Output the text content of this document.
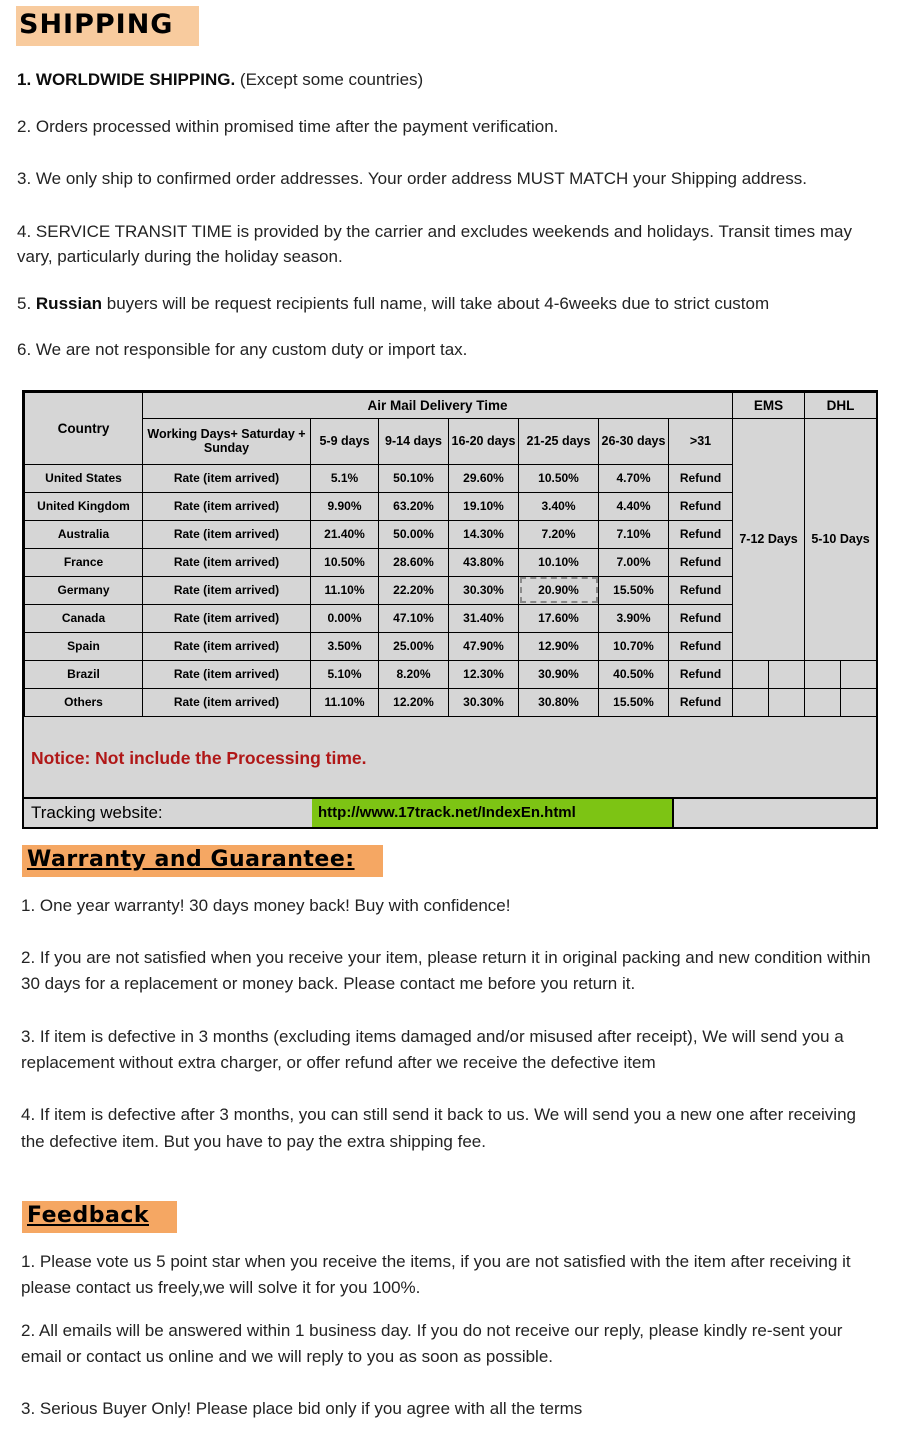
SHIPPING

1. WORLDWIDE SHIPPING. (Except some countries)

2. Orders processed within promised time after the payment verification.

3. We only ship to confirmed order addresses. Your order address MUST MATCH your Shipping address.

4. SERVICE TRANSIT TIME is provided by the carrier and excludes weekends and holidays. Transit times may vary, particularly during the holiday season.

5. Russian buyers will be request recipients full name, will take about 4-6weeks due to strict custom

6. We are not responsible for any custom duty or import tax.

Country	Air Mail Delivery Time							EMS		DHL	
	Working Days+ Saturday + Sunday	5-9 days	9-14 days	16-20 days	21-25 days	26-30 days	>31	7-12 Days		5-10 Days	
United States	Rate (item arrived)	5.1%	50.10%	29.60%	10.50%	4.70%	Refund				
United Kingdom	Rate (item arrived)	9.90%	63.20%	19.10%	3.40%	4.40%	Refund				
Australia	Rate (item arrived)	21.40%	50.00%	14.30%	7.20%	7.10%	Refund				
France	Rate (item arrived)	10.50%	28.60%	43.80%	10.10%	7.00%	Refund				
Germany	Rate (item arrived)	11.10%	22.20%	30.30%	20.90%	15.50%	Refund				
Canada	Rate (item arrived)	0.00%	47.10%	31.40%	17.60%	3.90%	Refund				
Spain	Rate (item arrived)	3.50%	25.00%	47.90%	12.90%	10.70%	Refund				
Brazil	Rate (item arrived)	5.10%	8.20%	12.30%	30.90%	40.50%	Refund				
Others	Rate (item arrived)	11.10%	12.20%	30.30%	30.80%	15.50%	Refund				
Notice: Not include the Processing time.
Tracking website:	http://www.17track.net/IndexEn.html
Warranty and Guarantee:

1. One year warranty! 30 days money back! Buy with confidence!

2. If you are not satisfied when you receive your item, please return it in original packing and new condition within 30 days for a replacement or money back. Please contact me before you return it.

3. If item is defective in 3 months (excluding items damaged and/or misused after receipt), We will send you a replacement without extra charger, or offer refund after we receive the defective item

4. If item is defective after 3 months, you can still send it back to us. We will send you a new one after receiving the defective item. But you have to pay the extra shipping fee.

Feedback

1. Please vote us 5 point star when you receive the items, if you are not satisfied with the item after receiving it please contact us freely,we will solve it for you 100%.

2. All emails will be answered within 1 business day. If you do not receive our reply, please kindly re-sent your email or contact us online and we will reply to you as soon as possible.

3. Serious Buyer Only! Please place bid only if you agree with all the terms
